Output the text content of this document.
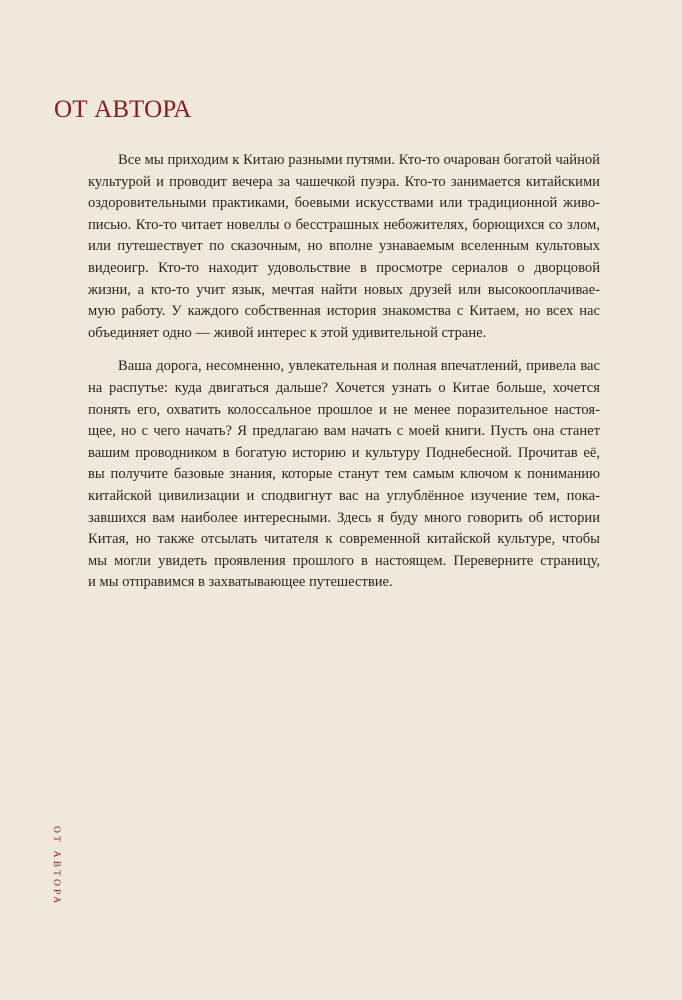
ОТ АВТОРА

Все мы приходим к Китаю разными путями. Кто-то очарован богатой чайной
культурой и проводит вечера за чашечкой пуэра. Кто-то занимается китайскими
оздоровительными практиками, боевыми искусствами или традиционной живо-
писью. Кто-то читает новеллы о бесстрашных небожителях, борющихся со злом,
или путешествует по сказочным, но вполне узнаваемым вселенным культовых
видеоигр. Кто-то находит удовольствие в просмотре сериалов о дворцовой
жизни, а кто-то учит язык, мечтая найти новых друзей или высокооплачивае-
мую работу. У каждого собственная история знакомства с Китаем, но всех нас
объединяет одно — живой интерес к этой удивительной стране.

Ваша дорога, несомненно, увлекательная и полная впечатлений, привела вас
на распутье: куда двигаться дальше? Хочется узнать о Китае больше, хочется
понять его, охватить колоссальное прошлое и не менее поразительное настоя-
щее, но с чего начать? Я предлагаю вам начать с моей книги. Пусть она станет
вашим проводником в богатую историю и культуру Поднебесной. Прочитав её,
вы получите базовые знания, которые станут тем самым ключом к пониманию
китайской цивилизации и сподвигнут вас на углублённое изучение тем, пока-
завшихся вам наиболее интересными. Здесь я буду много говорить об истории
Китая, но также отсылать читателя к современной китайской культуре, чтобы
мы могли увидеть проявления прошлого в настоящем. Переверните страницу,
и мы отправимся в захватывающее путешествие.

ОТ АВТОРА
